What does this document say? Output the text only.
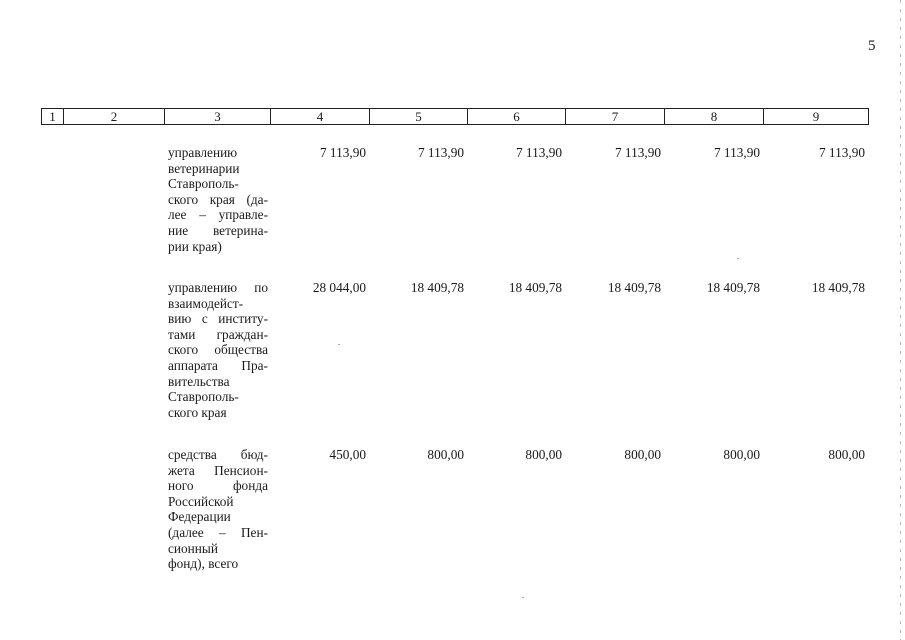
5
1	2	3	4	5	6	7	8	9
управлению
ветеринарии
Ставрополь-
ского края (да-
лее – управле-
ние ветеринa-
рии края)
7 113,90	7 113,90	7 113,90	7 113,90	7 113,90	7 113,90
управлению по
взаимодейст-
вию с институ-
тами граждан-
ского общества
аппарата Пра-
вительства
Ставрополь-
ского края
28 044,00	18 409,78	18 409,78	18 409,78	18 409,78	18 409,78
средства бюд-
жета Пенсион-
ного фонда
Российской
Федерации
(далее – Пен-
сионный
фонд), всего
450,00	800,00	800,00	800,00	800,00	800,00
